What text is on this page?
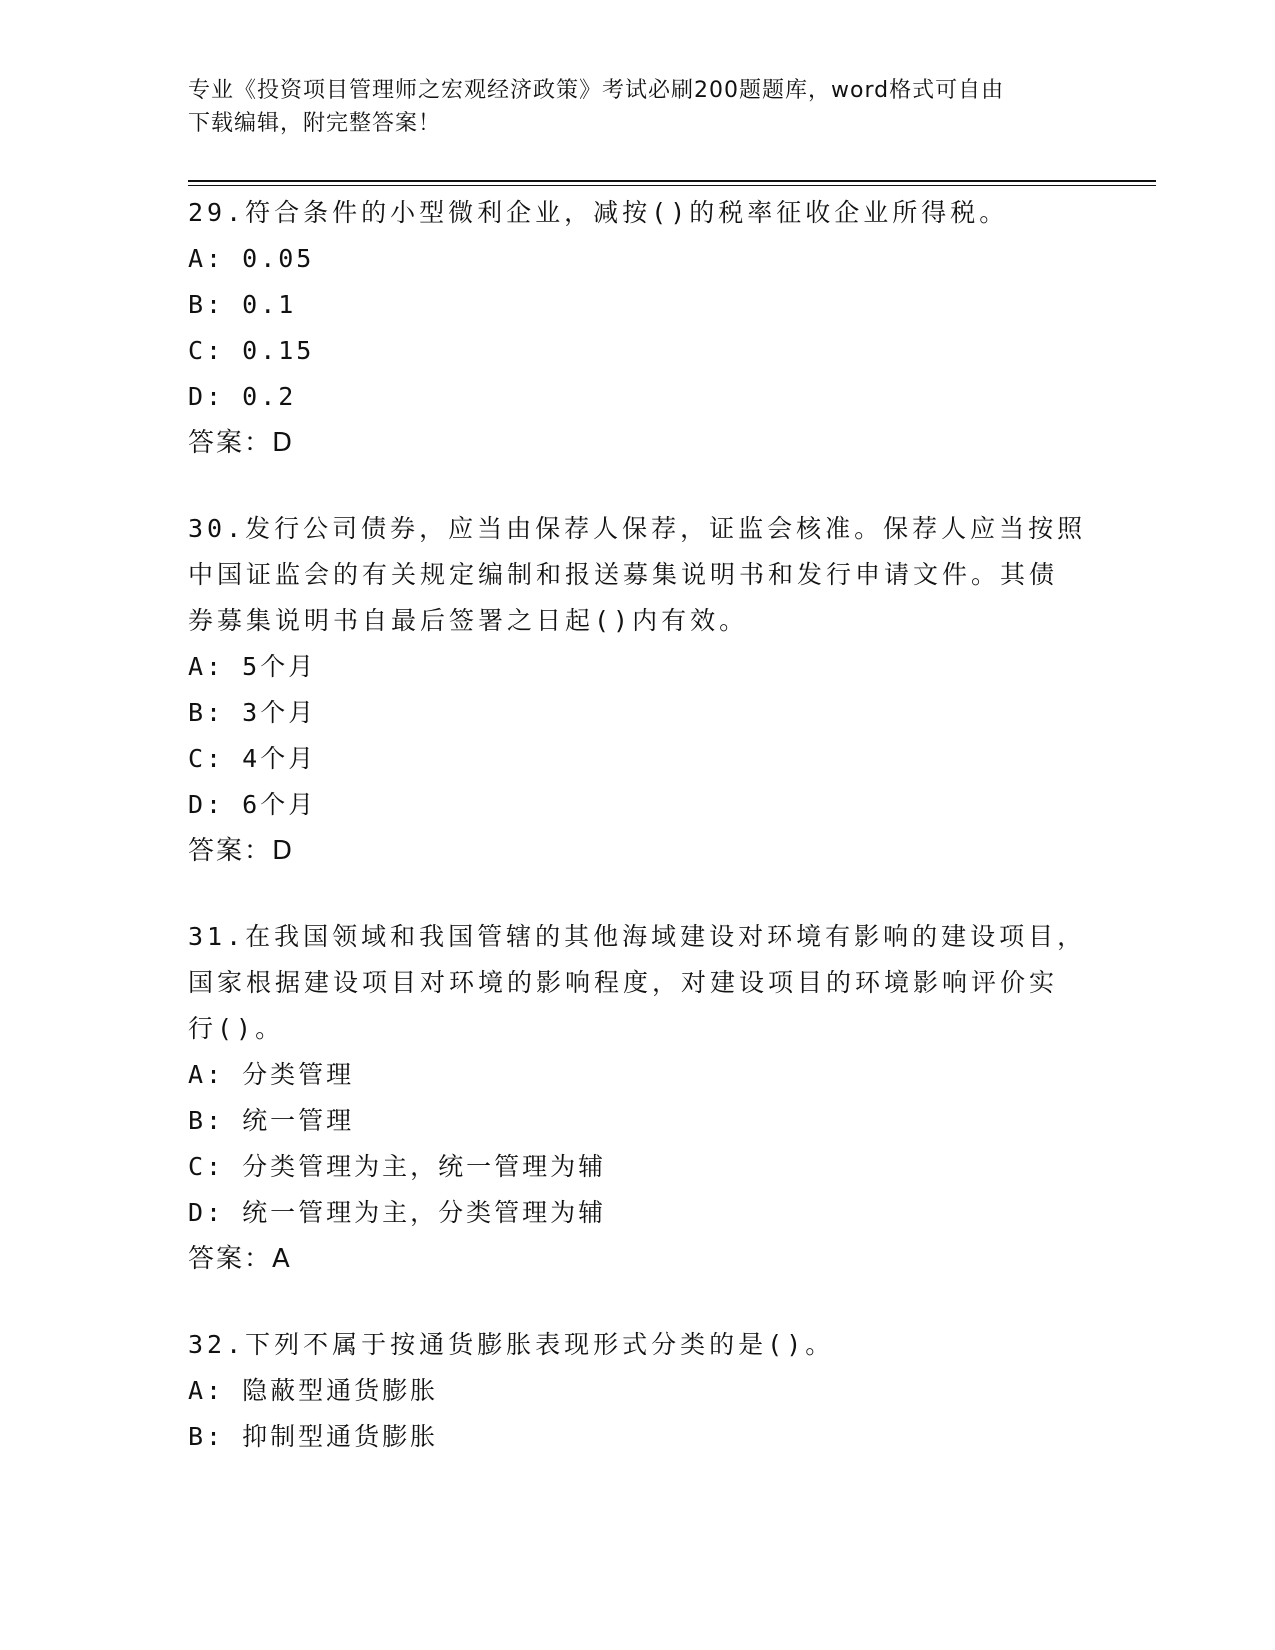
专业《投资项目管理师之宏观经济政策》考试必刷200题题库，word格式可自由
下载编辑，附完整答案！
29.符合条件的小型微利企业，减按()的税率征收企业所得税。
A: 0.05
B: 0.1
C: 0.15
D: 0.2
答案：D
30.发行公司债券，应当由保荐人保荐，证监会核准。保荐人应当按照
中国证监会的有关规定编制和报送募集说明书和发行申请文件。其债
券募集说明书自最后签署之日起()内有效。
A: 5个月
B: 3个月
C: 4个月
D: 6个月
答案：D
31.在我国领域和我国管辖的其他海域建设对环境有影响的建设项目，
国家根据建设项目对环境的影响程度，对建设项目的环境影响评价实
行()。
A: 分类管理
B: 统一管理
C: 分类管理为主，统一管理为辅
D: 统一管理为主，分类管理为辅
答案：A
32.下列不属于按通货膨胀表现形式分类的是()。
A: 隐蔽型通货膨胀
B: 抑制型通货膨胀
